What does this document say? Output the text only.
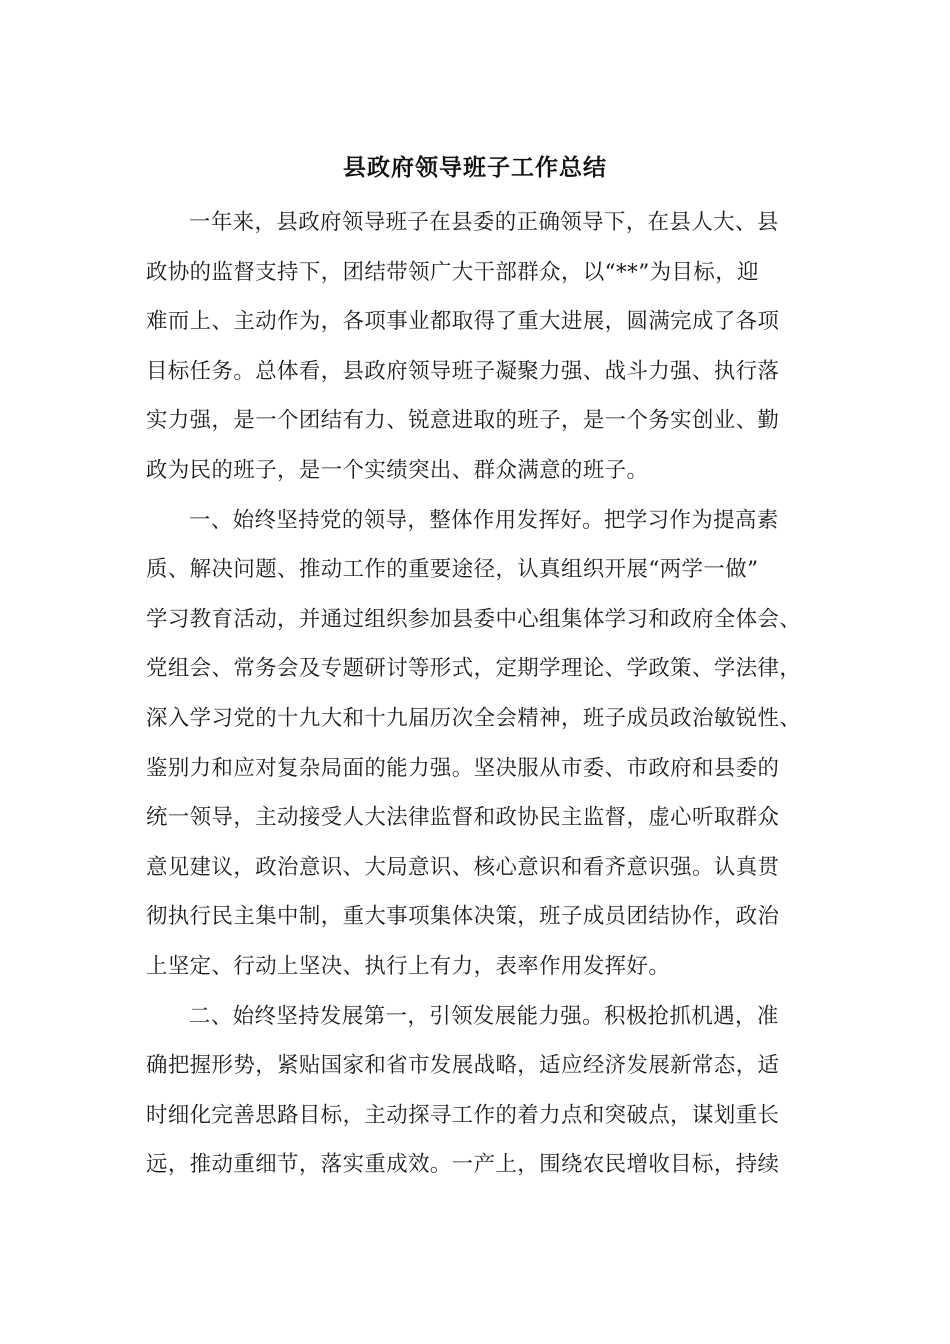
县政府领导班子工作总结
一年来，县政府领导班子在县委的正确领导下，在县人大、县
政协的监督支持下，团结带领广大干部群众，以“**”为目标，迎
难而上、主动作为，各项事业都取得了重大进展，圆满完成了各项
目标任务。总体看，县政府领导班子凝聚力强、战斗力强、执行落
实力强，是一个团结有力、锐意进取的班子，是一个务实创业、勤
政为民的班子，是一个实绩突出、群众满意的班子。
一、始终坚持党的领导，整体作用发挥好。把学习作为提高素
质、解决问题、推动工作的重要途径，认真组织开展“两学一做”
学习教育活动，并通过组织参加县委中心组集体学习和政府全体会、
党组会、常务会及专题研讨等形式，定期学理论、学政策、学法律，
深入学习党的十九大和十九届历次全会精神，班子成员政治敏锐性、
鉴别力和应对复杂局面的能力强。坚决服从市委、市政府和县委的
统一领导，主动接受人大法律监督和政协民主监督，虚心听取群众
意见建议，政治意识、大局意识、核心意识和看齐意识强。认真贯
彻执行民主集中制，重大事项集体决策，班子成员团结协作，政治
上坚定、行动上坚决、执行上有力，表率作用发挥好。
二、始终坚持发展第一，引领发展能力强。积极抢抓机遇，准
确把握形势，紧贴国家和省市发展战略，适应经济发展新常态，适
时细化完善思路目标，主动探寻工作的着力点和突破点，谋划重长
远，推动重细节，落实重成效。一产上，围绕农民增收目标，持续
